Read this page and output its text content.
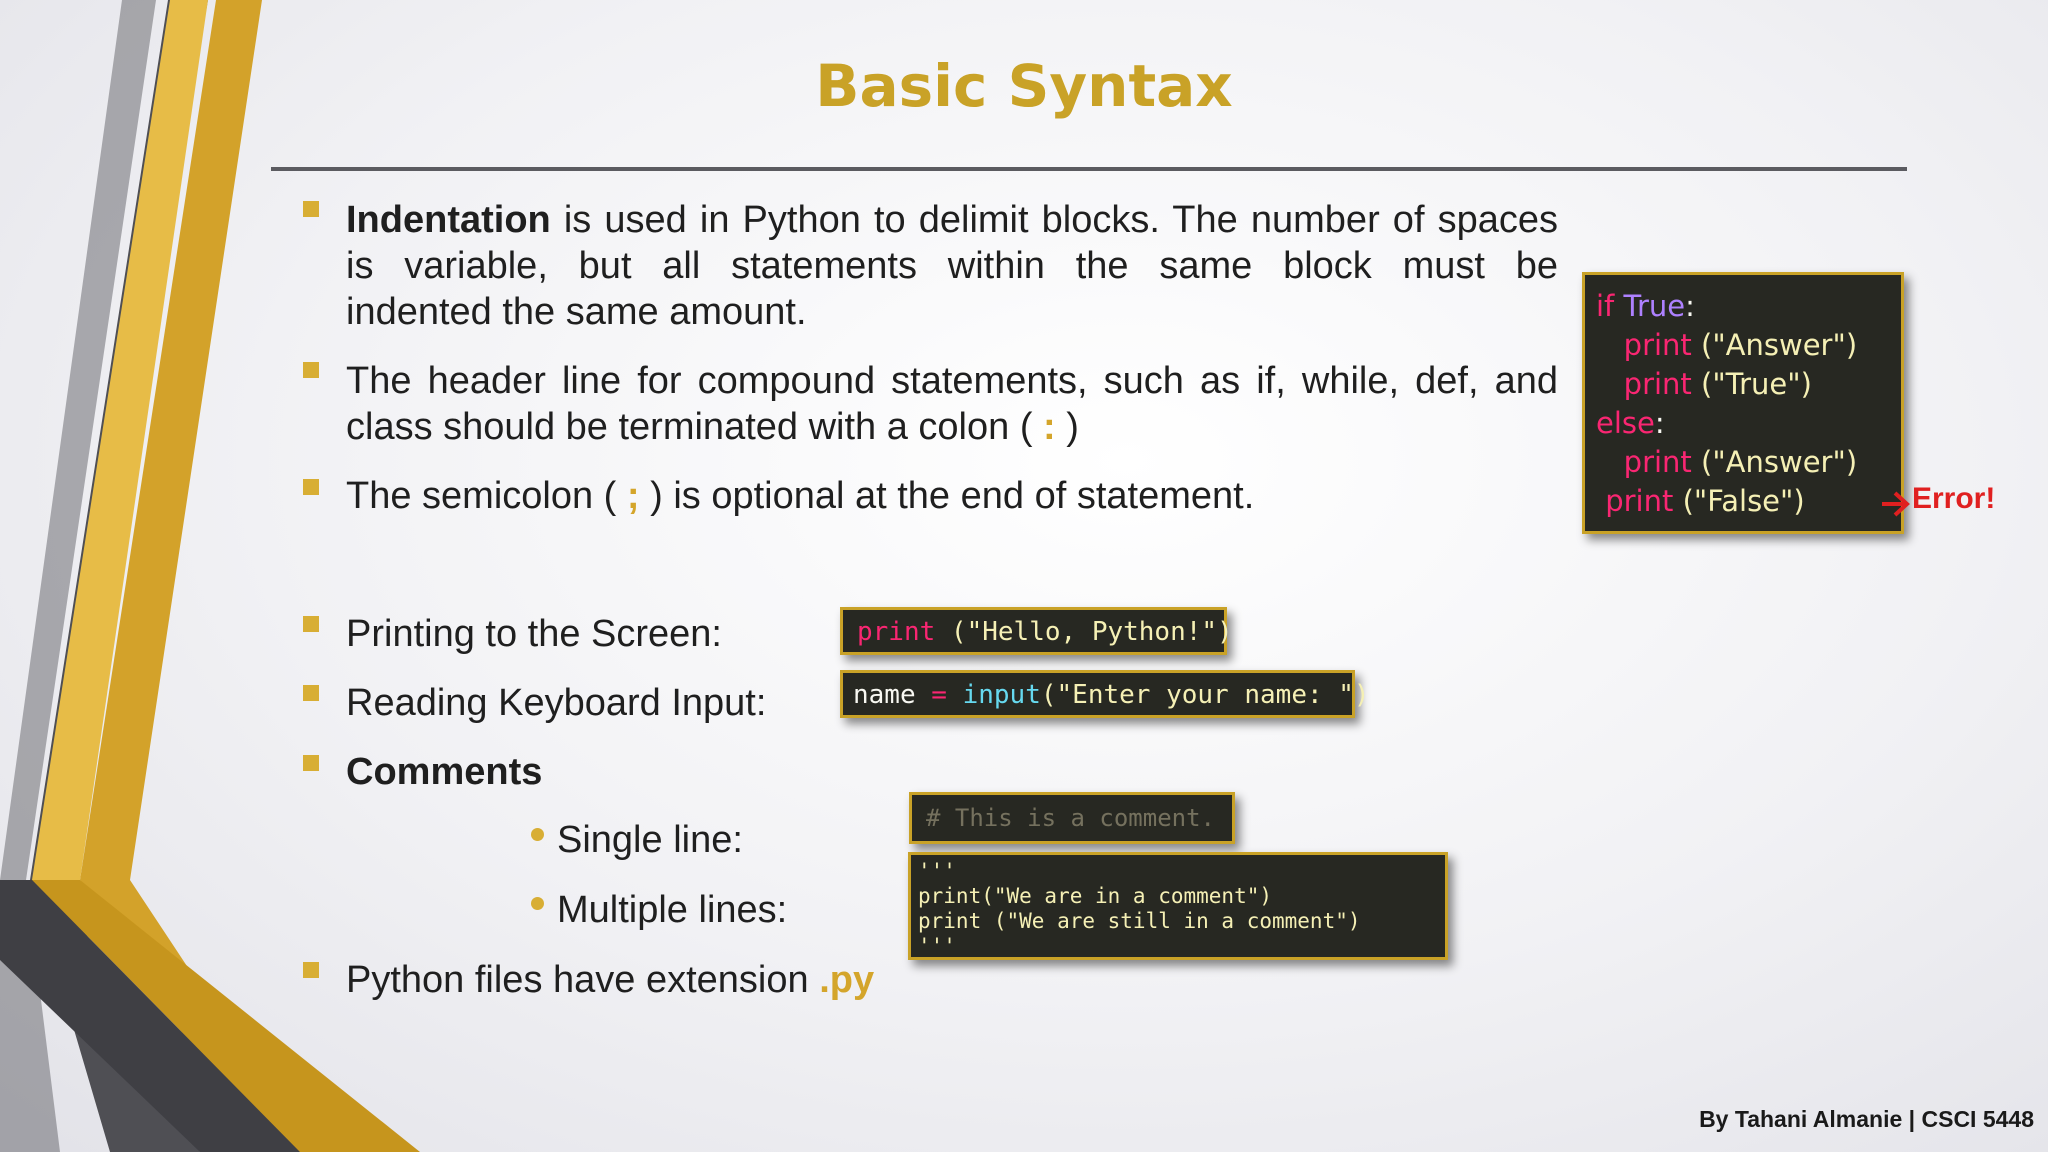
Basic Syntax
Indentation is used in Python to delimit blocks. The number of spaces
is variable, but all statements within the same block must be
indented the same amount.
The header line for compound statements, such as if, while, def, and
class should be terminated with a colon ( : )
The semicolon ( ; ) is optional at the end of statement.
if True:
print ("Answer")
print ("True")
else:
print ("Answer")
print ("False")	Error!
Printing to the Screen:	print ("Hello, Python!")
Reading Keyboard Input:	name = input("Enter your name: ")
Comments
Single line:
# This is a comment.
Multiple lines:
'''
print("We are in a comment")
print ("We are still in a comment")
'''
Python files have extension .py
By Tahani Almanie | CSCI 5448
